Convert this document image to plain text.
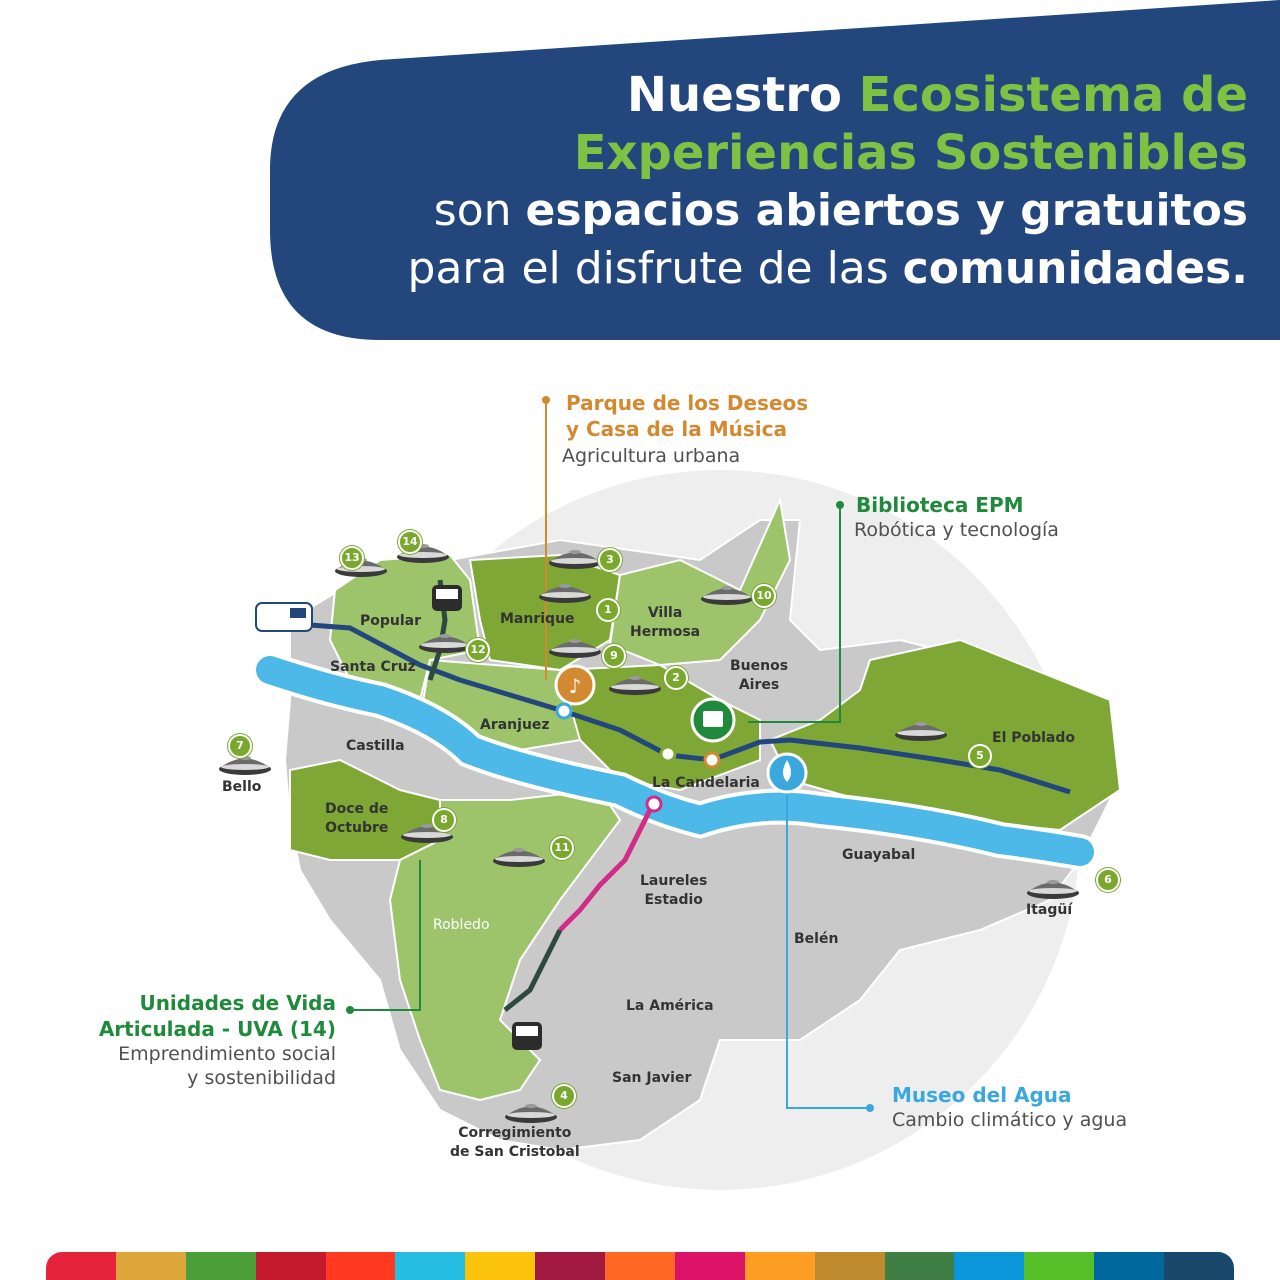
Nuestro Ecosistema de
Experiencias Sostenibles
son espacios abiertos y gratuitos
para el disfrute de las comunidades.
♪
1
2
3
4
5
6
7
8
9
10
11
12
13
14
Popular
Santa Cruz
Manrique	Villa
Hermosa
Buenos
Aires
Aranjuez
Castilla	El Poblado
La Candelaria
Doce de
Octubre
Bello
Guayabal
Itagüí
Laureles
Estadio
Robledo
Belén
La América
San Javier
Corregimiento
de San Cristobal
Parque de los Deseos
y Casa de la Música
Agricultura urbana
Biblioteca EPM
Robótica y tecnología
Unidades de Vida
Articulada - UVA (14)
Emprendimiento social
y sostenibilidad
Museo del Agua
Cambio climático y agua
